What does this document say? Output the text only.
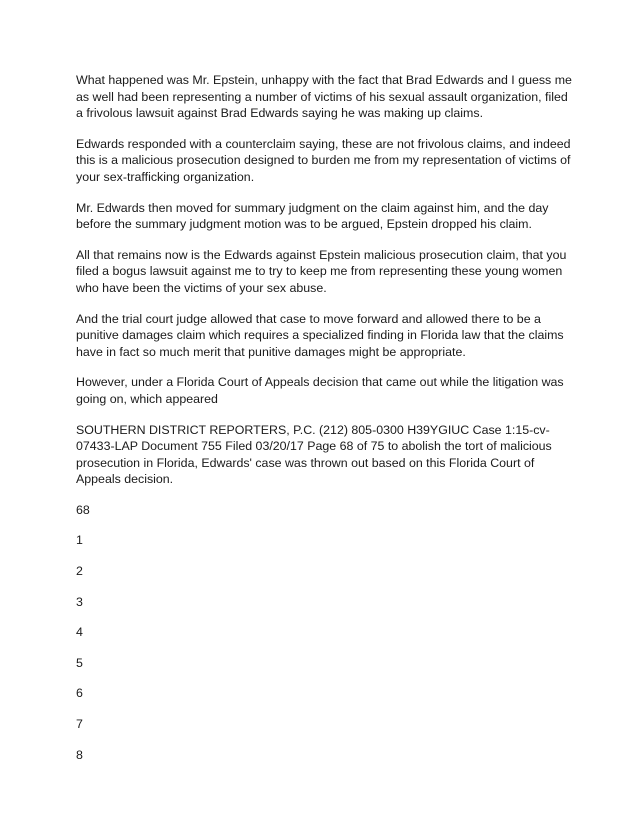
What happened was Mr. Epstein, unhappy with the fact that Brad Edwards and I guess me as well had been representing a number of victims of his sexual assault organization, filed a frivolous lawsuit against Brad Edwards saying he was making up claims.

Edwards responded with a counterclaim saying, these are not frivolous claims, and indeed this is a malicious prosecution designed to burden me from my representation of victims of your sex-trafficking organization.

Mr. Edwards then moved for summary judgment on the claim against him, and the day before the summary judgment motion was to be argued, Epstein dropped his claim.

All that remains now is the Edwards against Epstein malicious prosecution claim, that you filed a bogus lawsuit against me to try to keep me from representing these young women who have been the victims of your sex abuse.

And the trial court judge allowed that case to move forward and allowed there to be a punitive damages claim which requires a specialized finding in Florida law that the claims have in fact so much merit that punitive damages might be appropriate.

However, under a Florida Court of Appeals decision that came out while the litigation was going on, which appeared

SOUTHERN DISTRICT REPORTERS, P.C. (212) 805-0300 H39YGIUC Case 1:15-cv-07433-LAP Document 755 Filed 03/20/17 Page 68 of 75 to abolish the tort of malicious prosecution in Florida, Edwards' case was thrown out based on this Florida Court of Appeals decision.

68

1

2

3

4

5

6

7

8
